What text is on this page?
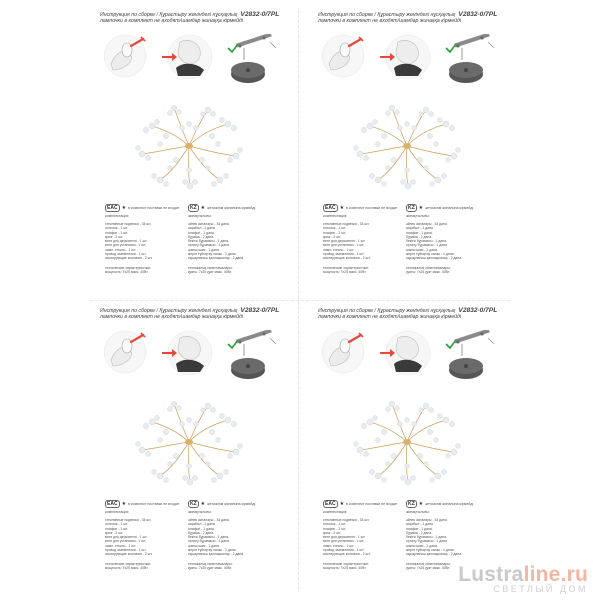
Инструкция по сборке / Құрастыру жөніндегі нұсқаулық V2832-0/7PL
лампочки в комплект не входят/шамдар жинаққа кірмейді
EAC ★ в комплект поставки не входит	KZ ★ жеткізілім жинағына кірмейді
комплектация:	жинақтылығы:
стеклянные подвески - 34 шт.
потолок - 1 шт.
плафон - 1 шт.
крюк - 2 шт.
винт для держателя - 1 шт.
винт для установки - 1 шт.
ламп. стекло - 1 шт.
провод заземления - 1 шт.
изолирующие колпачки - 2 шт.
әйнек аспалары - 34 дана.
асқабыл - 1 дана.
плафон - 1 дана.
бұрама - 2 дана.
бекіткі бұрамасы - 1 дана.
орнату бұрамасы - 1 дана.
шыны шам - 1 дана.
жерге тұйықтау сымы - 1 дана.
оқшаулағыш қалпақшалар - 2 дана.
технические характеристики:
мощность: 7х25 макс. 40Вт.
техникалық сипаттамалары:
қуаты: 7х25 қуат макс. 40Вт.
Инструкция по сборке / Құрастыру жөніндегі нұсқаулық V2832-0/7PL
лампочки в комплект не входят/шамдар жинаққа кірмейді
EAC ★ в комплект поставки не входит	KZ ★ жеткізілім жинағына кірмейді
комплектация:	жинақтылығы:
стеклянные подвески - 34 шт.
потолок - 1 шт.
плафон - 1 шт.
крюк - 2 шт.
винт для держателя - 1 шт.
винт для установки - 1 шт.
ламп. стекло - 1 шт.
провод заземления - 1 шт.
изолирующие колпачки - 2 шт.
әйнек аспалары - 34 дана.
асқабыл - 1 дана.
плафон - 1 дана.
бұрама - 2 дана.
бекіткі бұрамасы - 1 дана.
орнату бұрамасы - 1 дана.
шыны шам - 1 дана.
жерге тұйықтау сымы - 1 дана.
оқшаулағыш қалпақшалар - 2 дана.
технические характеристики:
мощность: 7х25 макс. 40Вт.
техникалық сипаттамалары:
қуаты: 7х25 қуат макс. 40Вт.
Инструкция по сборке / Құрастыру жөніндегі нұсқаулық V2832-0/7PL
лампочки в комплект не входят/шамдар жинаққа кірмейді
EAC ★ в комплект поставки не входит	KZ ★ жеткізілім жинағына кірмейді
комплектация:	жинақтылығы:
стеклянные подвески - 34 шт.
потолок - 1 шт.
плафон - 1 шт.
крюк - 2 шт.
винт для держателя - 1 шт.
винт для установки - 1 шт.
ламп. стекло - 1 шт.
провод заземления - 1 шт.
изолирующие колпачки - 2 шт.
әйнек аспалары - 34 дана.
асқабыл - 1 дана.
плафон - 1 дана.
бұрама - 2 дана.
бекіткі бұрамасы - 1 дана.
орнату бұрамасы - 1 дана.
шыны шам - 1 дана.
жерге тұйықтау сымы - 1 дана.
оқшаулағыш қалпақшалар - 2 дана.
технические характеристики:
мощность: 7х25 макс. 40Вт.
техникалық сипаттамалары:
қуаты: 7х25 қуат макс. 40Вт.
Инструкция по сборке / Құрастыру жөніндегі нұсқаулық V2832-0/7PL
лампочки в комплект не входят/шамдар жинаққа кірмейді
EAC ★ в комплект поставки не входит	KZ ★ жеткізілім жинағына кірмейді
комплектация:	жинақтылығы:
стеклянные подвески - 34 шт.
потолок - 1 шт.
плафон - 1 шт.
крюк - 2 шт.
винт для держателя - 1 шт.
винт для установки - 1 шт.
ламп. стекло - 1 шт.
провод заземления - 1 шт.
изолирующие колпачки - 2 шт.
әйнек аспалары - 34 дана.
асқабыл - 1 дана.
плафон - 1 дана.
бұрама - 2 дана.
бекіткі бұрамасы - 1 дана.
орнату бұрамасы - 1 дана.
шыны шам - 1 дана.
жерге тұйықтау сымы - 1 дана.
оқшаулағыш қалпақшалар - 2 дана.
технические характеристики:
мощность: 7х25 макс. 40Вт.
техникалық сипаттамалары:
қуаты: 7х25 қуат макс. 40Вт. Lustraline.ru
СВЕТЛЫЙ ДОМ
